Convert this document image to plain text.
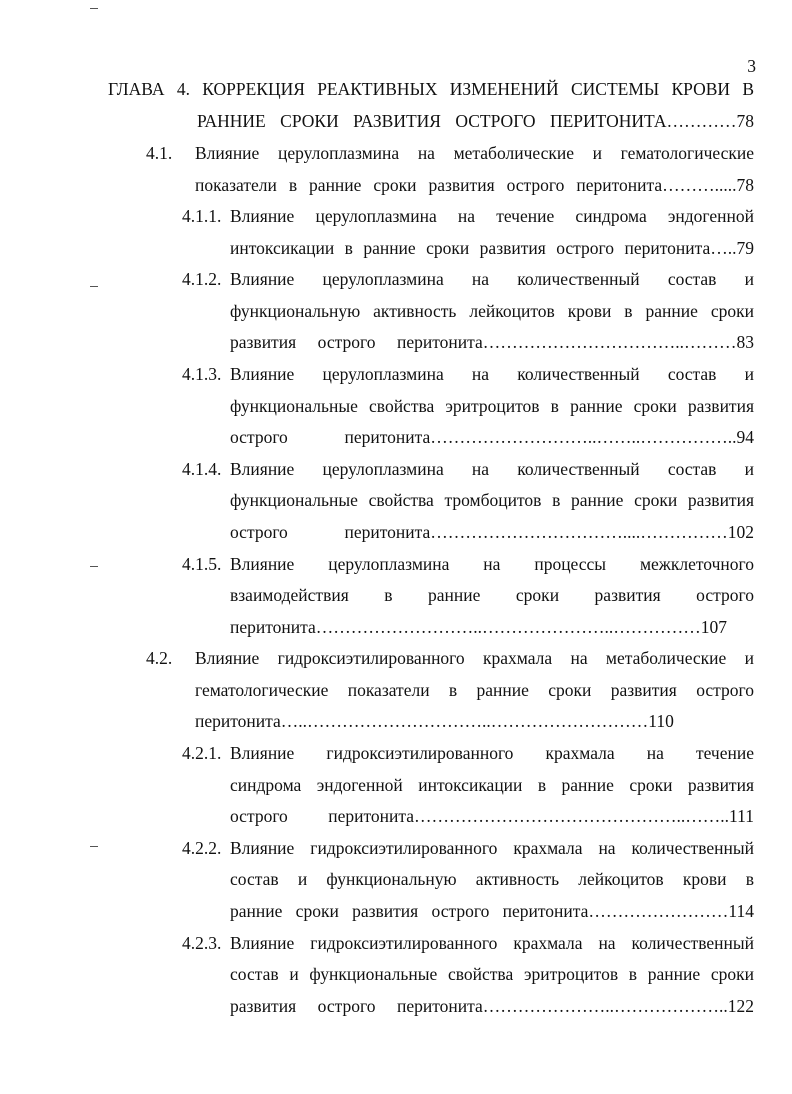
3
ГЛАВА 4. КОРРЕКЦИЯ РЕАКТИВНЫХ ИЗМЕНЕНИЙ СИСТЕМЫ КРОВИ В
РАННИЕ СРОКИ РАЗВИТИЯ ОСТРОГО ПЕРИТОНИТА…………78
4.1. Влияние церулоплазмина на метаболические и гематологические
показатели в ранние сроки развития острого перитонита……….....78
4.1.1. Влияние церулоплазмина на течение синдрома эндогенной
интоксикации в ранние сроки развития острого перитонита…..79
4.1.2. Влияние церулоплазмина на количественный состав и
функциональную активность лейкоцитов крови в ранние сроки
развития острого перитонита……………………………..………83
4.1.3. Влияние церулоплазмина на количественный состав и
функциональные свойства эритроцитов в ранние сроки развития
острого перитонита………………………..……..……………..94
4.1.4. Влияние церулоплазмина на количественный состав и
функциональные свойства тромбоцитов в ранние сроки развития
острого перитонита……………………………....……………102
4.1.5. Влияние церулоплазмина на процессы межклеточного
взаимодействия в ранние сроки развития острого
перитонита………………………..…………………..……………107
4.2. Влияние гидроксиэтилированного крахмала на метаболические и
гематологические показатели в ранние сроки развития острого
перитонита…..…………………………..………………………110
4.2.1. Влияние гидроксиэтилированного крахмала на течение
синдрома эндогенной интоксикации в ранние сроки развития
острого перитонита………………………………………..……..111
4.2.2. Влияние гидроксиэтилированного крахмала на количественный
состав и функциональную активность лейкоцитов крови в
ранние сроки развития острого перитонита……………………114
4.2.3. Влияние гидроксиэтилированного крахмала на количественный
состав и функциональные свойства эритроцитов в ранние сроки
развития острого перитонита…………………..………………..122
